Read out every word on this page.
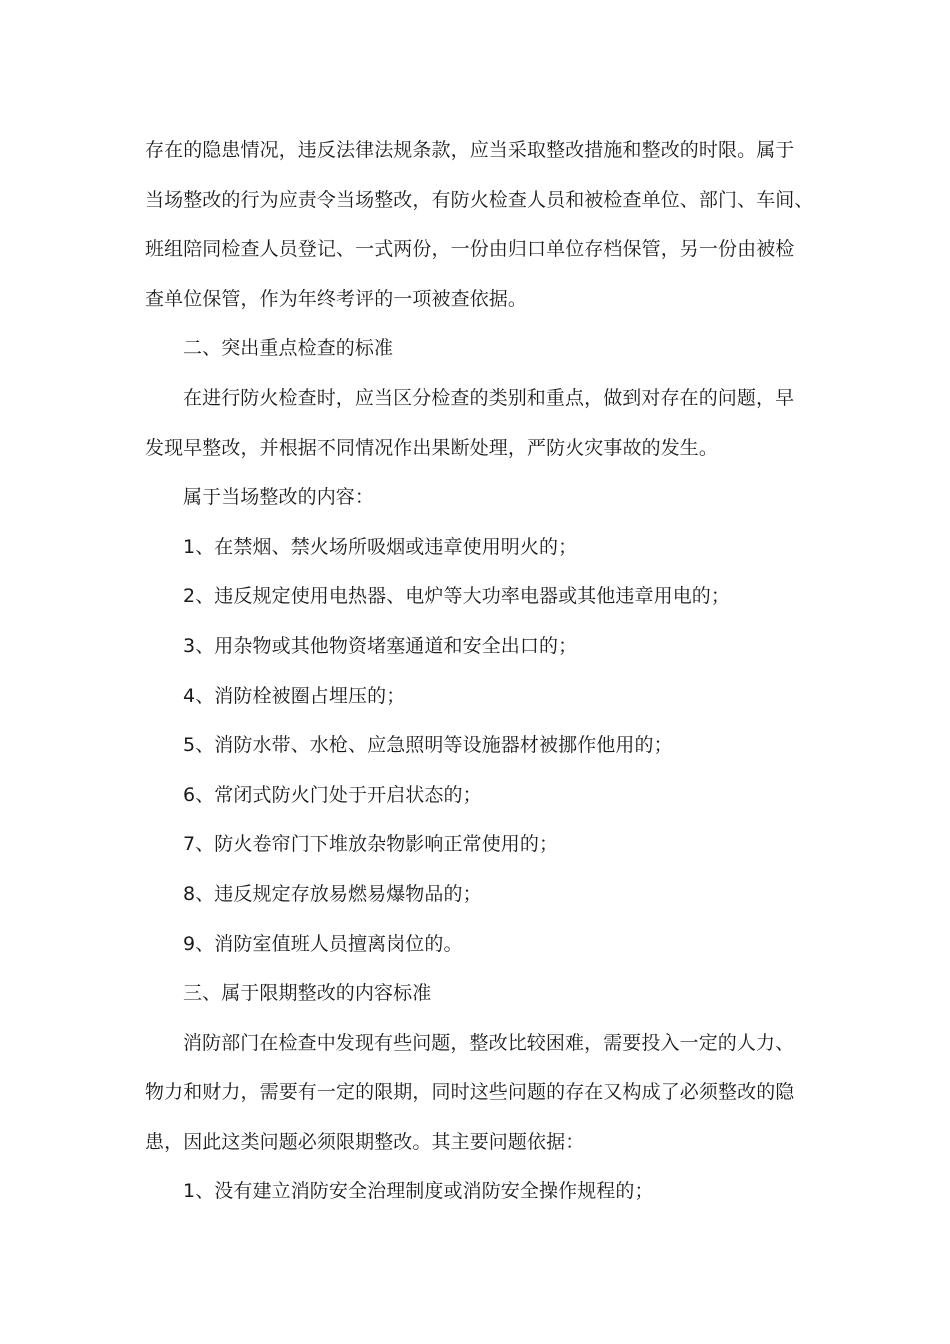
存在的隐患情况，违反法律法规条款，应当采取整改措施和整改的时限。属于
当场整改的行为应责令当场整改，有防火检查人员和被检查单位、部门、车间、
班组陪同检查人员登记、一式两份，一份由归口单位存档保管，另一份由被检
查单位保管，作为年终考评的一项被查依据。
二、突出重点检查的标准
在进行防火检查时，应当区分检查的类别和重点，做到对存在的问题，早
发现早整改，并根据不同情况作出果断处理，严防火灾事故的发生。
属于当场整改的内容：
1、在禁烟、禁火场所吸烟或违章使用明火的；
2、违反规定使用电热器、电炉等大功率电器或其他违章用电的；
3、用杂物或其他物资堵塞通道和安全出口的；
4、消防栓被圈占埋压的；
5、消防水带、水枪、应急照明等设施器材被挪作他用的；
6、常闭式防火门处于开启状态的；
7、防火卷帘门下堆放杂物影响正常使用的；
8、违反规定存放易燃易爆物品的；
9、消防室值班人员擅离岗位的。
三、属于限期整改的内容标准
消防部门在检查中发现有些问题，整改比较困难，需要投入一定的人力、
物力和财力，需要有一定的限期，同时这些问题的存在又构成了必须整改的隐
患，因此这类问题必须限期整改。其主要问题依据：
1、没有建立消防安全治理制度或消防安全操作规程的；
